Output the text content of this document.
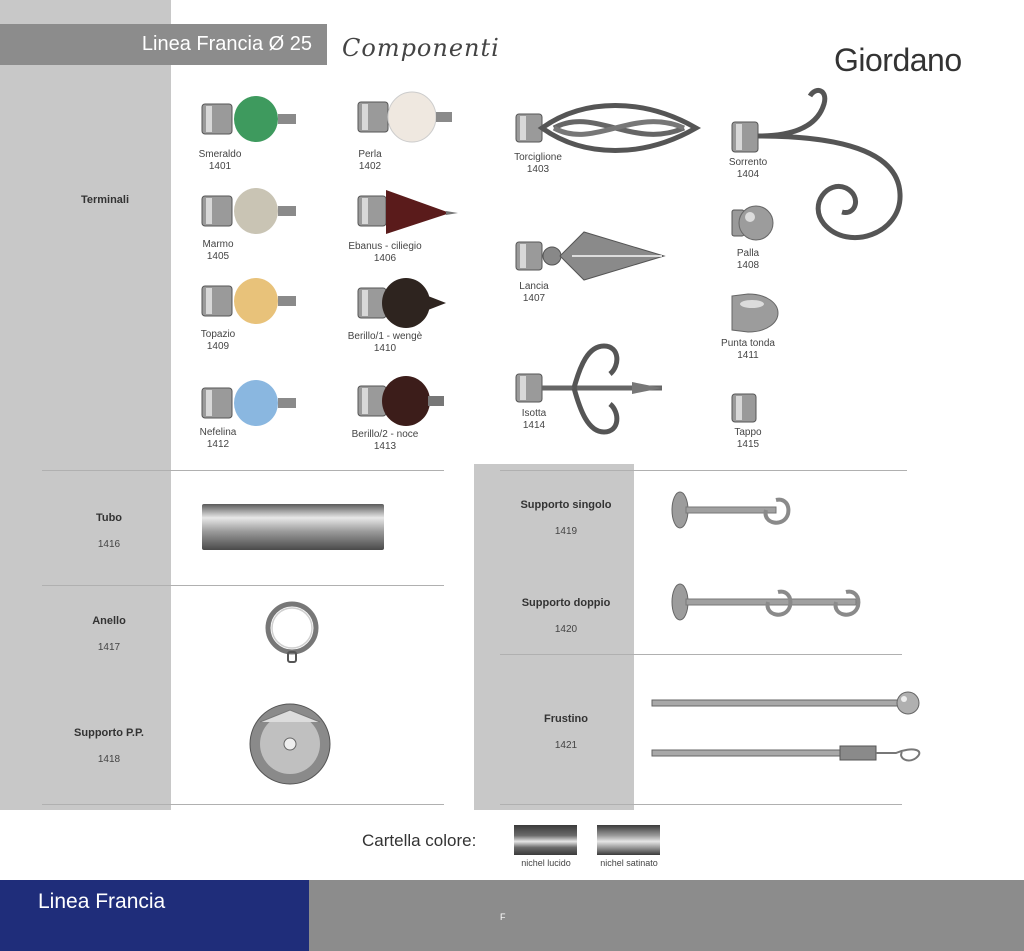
Linea Francia Ø 25 Componenti	Giordano
Terminali
Tubo
1416
Anello
1417
Supporto P.P.
1418
Supporto singolo
1419
Supporto doppio
1420
Frustino
1421
Smeraldo
1401
Marmo
1405
Topazio
1409
Nefelina
1412
Perla
1402
Ebanus - ciliegio
1406
Berillo/1 - wengè
1410
Berillo/2 - noce
1413
Torciglione
1403
Lancia
1407
Isotta
1414
Sorrento
1404
Palla
1408
Punta tonda
1411
Tappo
1415
Cartella colore:
nichel lucido	nichel satinato
Linea Francia
F
